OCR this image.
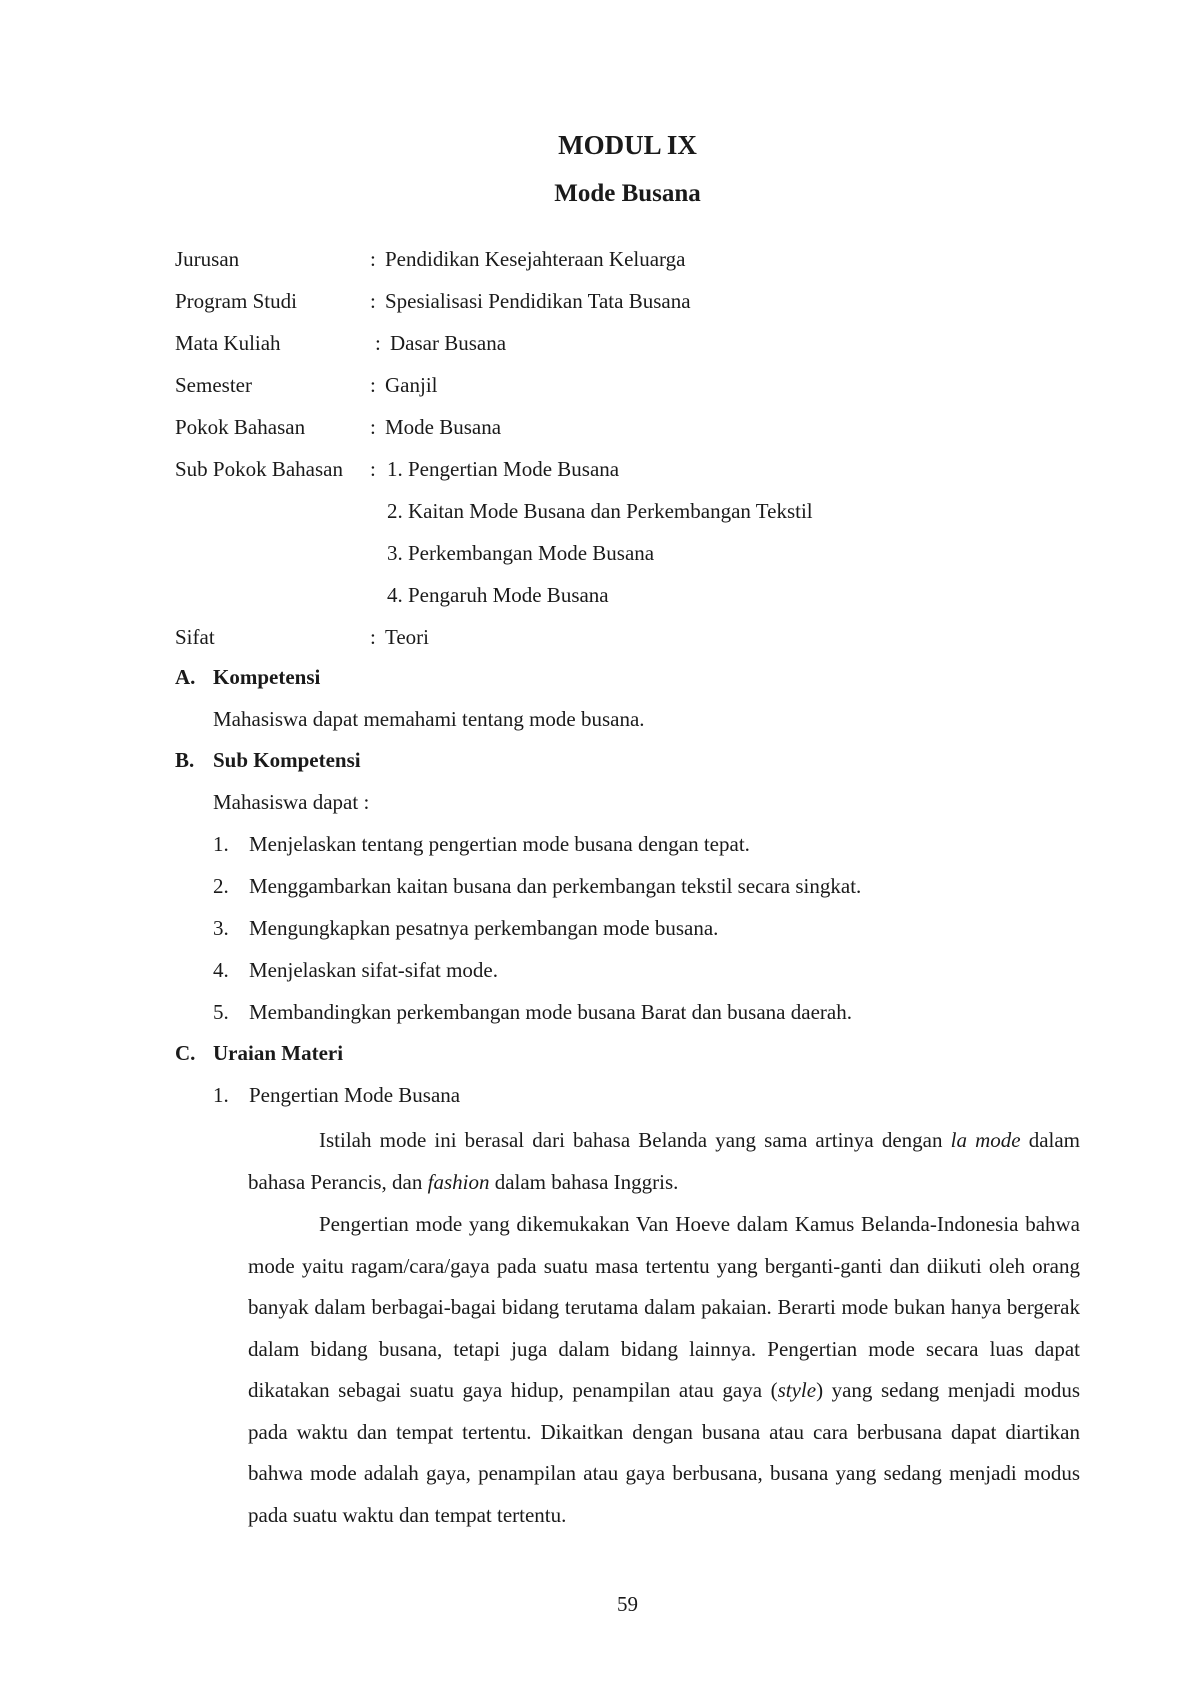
MODUL IX
Mode Busana
Jurusan	: Pendidikan Kesejahteraan Keluarga
Program Studi	: Spesialisasi Pendidikan Tata Busana
Mata Kuliah	: Dasar Busana
Semester	: Ganjil
Pokok Bahasan	: Mode Busana
Sub Pokok Bahasan : 1. Pengertian Mode Busana
2. Kaitan Mode Busana dan Perkembangan Tekstil
3. Perkembangan Mode Busana
4. Pengaruh Mode Busana
Sifat	: Teori
A. Kompetensi
Mahasiswa dapat memahami tentang mode busana.
B. Sub Kompetensi
Mahasiswa dapat :
1. Menjelaskan tentang pengertian mode busana dengan tepat.
2. Menggambarkan kaitan busana dan perkembangan tekstil secara singkat.
3. Mengungkapkan pesatnya perkembangan mode busana.
4. Menjelaskan sifat-sifat mode.
5. Membandingkan perkembangan mode busana Barat dan busana daerah.
C. Uraian Materi
1. Pengertian Mode Busana
Istilah mode ini berasal dari bahasa Belanda yang sama artinya dengan la mode dalam bahasa Perancis, dan fashion dalam bahasa Inggris.
Pengertian mode yang dikemukakan Van Hoeve dalam Kamus Belanda-Indonesia bahwa mode yaitu ragam/cara/gaya pada suatu masa tertentu yang berganti-ganti dan diikuti oleh orang banyak dalam berbagai-bagai bidang terutama dalam pakaian. Berarti mode bukan hanya bergerak dalam bidang busana, tetapi juga dalam bidang lainnya. Pengertian mode secara luas dapat dikatakan sebagai suatu gaya hidup, penampilan atau gaya (style) yang sedang menjadi modus pada waktu dan tempat tertentu. Dikaitkan dengan busana atau cara berbusana dapat diartikan bahwa mode adalah gaya, penampilan atau gaya berbusana, busana yang sedang menjadi modus pada suatu waktu dan tempat tertentu.
59
